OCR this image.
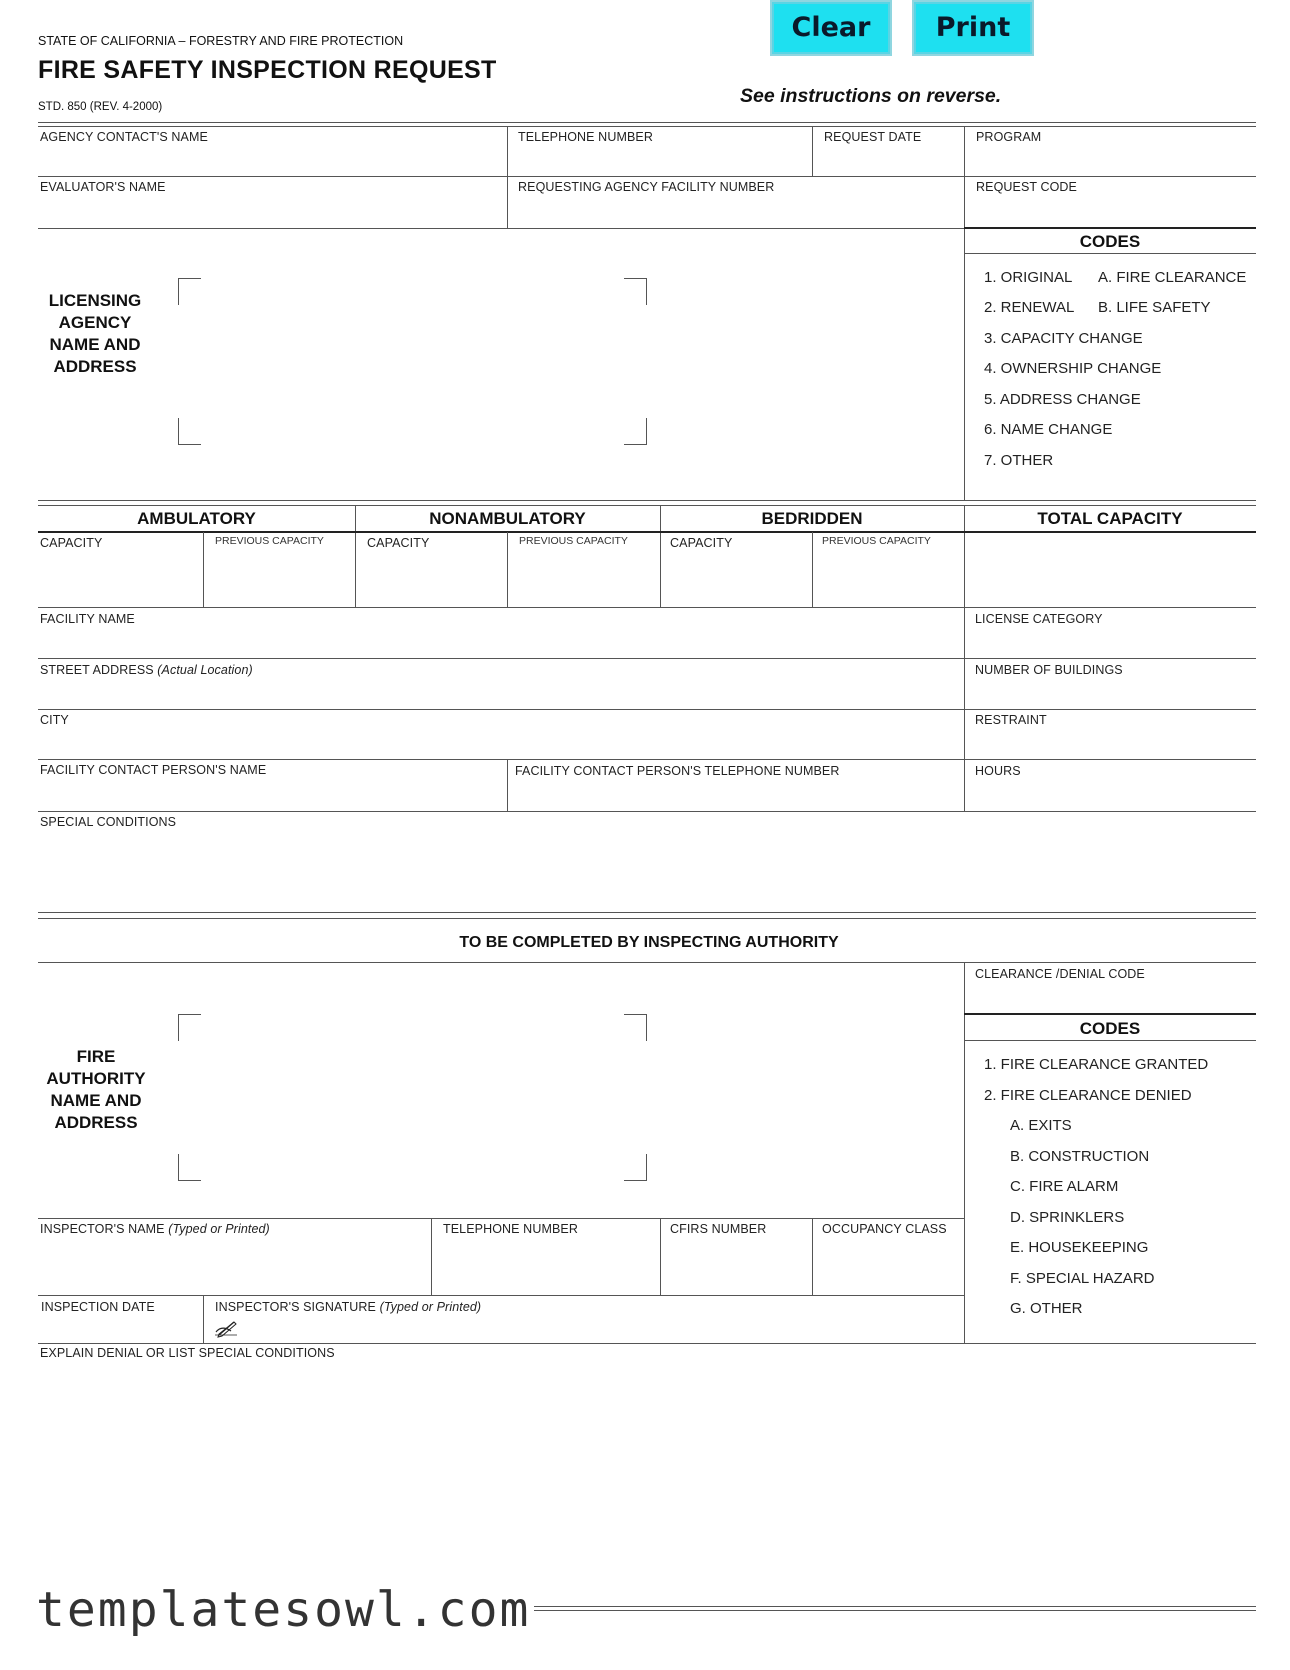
STATE OF CALIFORNIA – FORESTRY AND FIRE PROTECTION
FIRE SAFETY INSPECTION REQUEST
STD. 850 (REV. 4-2000)	See instructions on reverse.
Clear	Print
AGENCY CONTACT'S NAME	TELEPHONE NUMBER	REQUEST DATE	PROGRAM
EVALUATOR'S NAME	REQUESTING AGENCY FACILITY NUMBER	REQUEST CODE
LICENSING
AGENCY
NAME AND
ADDRESS
CODES
1. ORIGINAL
2. RENEWAL
3. CAPACITY CHANGE
4. OWNERSHIP CHANGE
5. ADDRESS CHANGE
6. NAME CHANGE
7. OTHER
A. FIRE CLEARANCE
B. LIFE SAFETY
AMBULATORY	NONAMBULATORY	BEDRIDDEN	TOTAL CAPACITY
CAPACITY	PREVIOUS CAPACITY	CAPACITY	PREVIOUS CAPACITY	CAPACITY	PREVIOUS CAPACITY
FACILITY NAME	LICENSE CATEGORY
STREET ADDRESS (Actual Location)	NUMBER OF BUILDINGS
CITY	RESTRAINT
FACILITY CONTACT PERSON'S NAME	FACILITY CONTACT PERSON'S TELEPHONE NUMBER	HOURS
SPECIAL CONDITIONS
TO BE COMPLETED BY INSPECTING AUTHORITY
CLEARANCE /DENIAL CODE
CODES
1. FIRE CLEARANCE GRANTED
2. FIRE CLEARANCE DENIED
A. EXITS
B. CONSTRUCTION
C. FIRE ALARM
D. SPRINKLERS
E. HOUSEKEEPING
F. SPECIAL HAZARD
G. OTHER
FIRE
AUTHORITY
NAME AND
ADDRESS
INSPECTOR'S NAME (Typed or Printed)	TELEPHONE NUMBER	CFIRS NUMBER	OCCUPANCY CLASS
INSPECTION DATE	INSPECTOR'S SIGNATURE (Typed or Printed)
EXPLAIN DENIAL OR LIST SPECIAL CONDITIONS
templatesowl.com
